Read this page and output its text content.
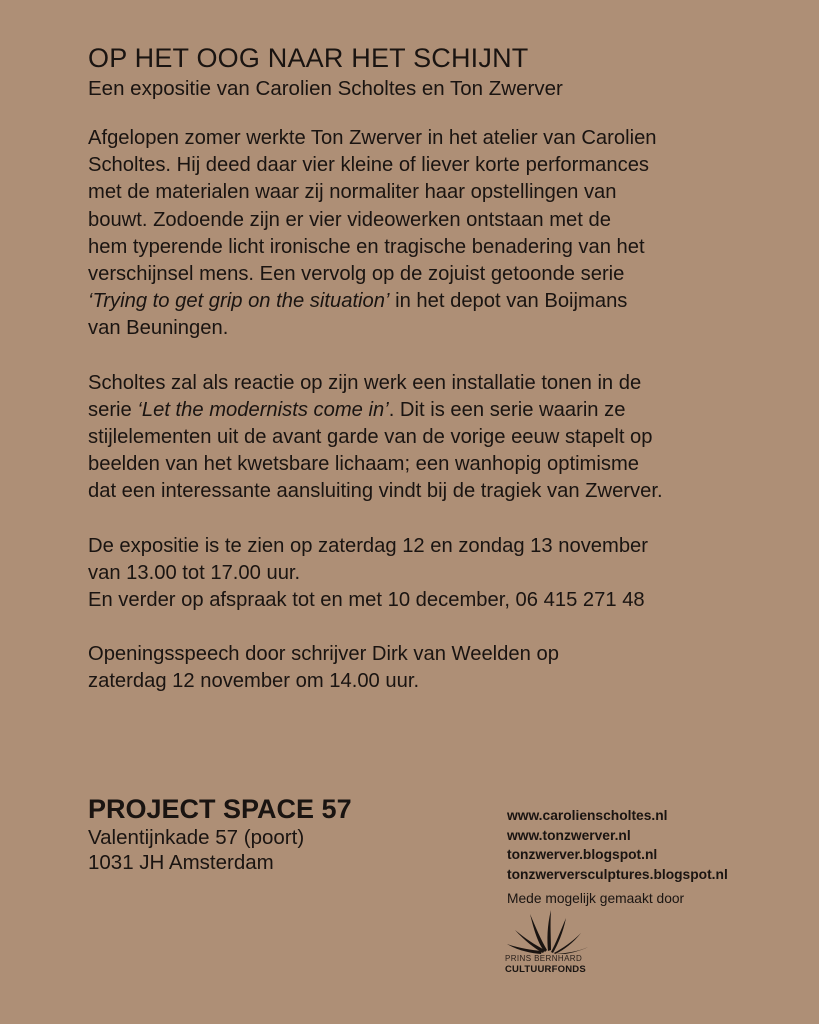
OP HET OOG NAAR HET SCHIJNT
Een expositie van Carolien Scholtes en Ton Zwerver

Afgelopen zomer werkte Ton Zwerver in het atelier van Carolien
Scholtes. Hij deed daar vier kleine of liever korte performances
met de materialen waar zij normaliter haar opstellingen van
bouwt. Zodoende zijn er vier videowerken ontstaan met de
hem typerende licht ironische en tragische benadering van het
verschijnsel mens. Een vervolg op de zojuist getoonde serie
‘Trying to get grip on the situation’ in het depot van Boijmans
van Beuningen.

Scholtes zal als reactie op zijn werk een installatie tonen in de
serie ‘Let the modernists come in’. Dit is een serie waarin ze
stijlelementen uit de avant garde van de vorige eeuw stapelt op
beelden van het kwetsbare lichaam; een wanhopig optimisme
dat een interessante aansluiting vindt bij de tragiek van Zwerver.

De expositie is te zien op zaterdag 12 en zondag 13 november
van 13.00 tot 17.00 uur.
En verder op afspraak tot en met 10 december, 06 415 271 48

Openingsspeech door schrijver Dirk van Weelden op
zaterdag 12 november om 14.00 uur.

PROJECT SPACE 57
Valentijnkade 57 (poort)
1031 JH Amsterdam
www.carolienscholtes.nl
www.tonzwerver.nl
tonzwerver.blogspot.nl
tonzwerversculptures.blogspot.nl
Mede mogelijk gemaakt door
PRINS BERNHARD
CULTUURFONDS
